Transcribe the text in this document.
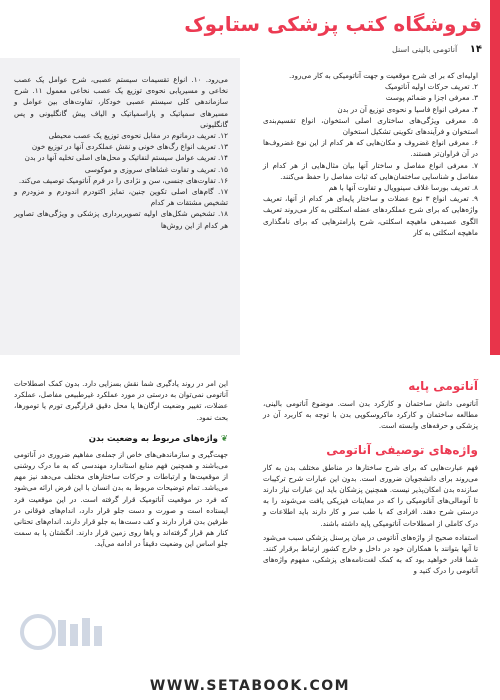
فروشگاه کتب پزشکی ستابوک
۱۴ آناتومی بالینی اسنل
اولیه‌ای که بر ای شرح موقعیت و جهت آناتومیکی به کار می‌رود.
۲. تعریف حرکات اولیه آناتومیک
۳. معرفی اجزا و ضمائم پوست
۴. معرفی انواع فاسیا و نحوه‌ی توزیع آن در بدن
۵. معرفی ویژگی‌های ساختاری اصلی استخوان، انواع تقسیم‌بندی استخوان و فرآیندهای تکوینی تشکیل استخوان
۶. معرفی انواع غضروف و مکان‌هایی که هر کدام از این نوع غضروف‌ها در آن فراوان‌تر هستند.
۷. معرفی انواع مفاصل و ساختار آنها بیان مثال‌هایی از هر کدام از مفاصل و شناسایی ساختمان‌هایی که ثبات مفاصل را حفظ می‌کنند.
۸. تعریف بورسا غلاف سینوویال و تفاوت آنها با هم
۹. تعریف انواع ۳ نوع عضلات و ساختار پایه‌ای هر کدام از آنها، تعریف واژه‌هایی که برای شرح عملکردهای عضله اسکلتی به کار می‌روند تعریف الگوی عصبدهی ماهیچه اسکلتی، شرح پارامترهایی که برای نامگذاری ماهیچه اسکلتی به کار
می‌رود. ۱۰. انواع تقسیمات سیستم عصبی، شرح عوامل یک عصب نخاعی و مسیریابی نحوه‌ی توزیع یک عصب نخاعی معمول ۱۱. شرح سازماندهی کلی سیستم عصبی خودکار، تفاوت‌های بین عوامل و مسیرهای سمپاتیک و پاراسمپاتیک و الیاف پیش گانگلیونی و پس گانگلیونی
۱۲. تعریف درماتوم در مقابل نحوه‌ی توزیع یک عصب محیطی
۱۳. تعریف انواع رگ‌های خونی و نقش عملکردی آنها در توزیع خون
۱۴. تعریف عوامل سیستم لنفاتیک و محل‌های اصلی تخلیه آنها در بدن
۱۵. تعریف و تفاوت غشاهای سروزی و موکوسی
۱۶. تفاوت‌های جنسی، سن و نژادی را در فرم آناتومیک توصیف می‌کند.
۱۷. گام‌های اصلی تکوین جنین، تمایز اکتودرم اندودرم و مزودرم و تشخیص مشتقات هر کدام
۱۸. تشخیص شکل‌های اولیه تصویربرداری پزشکی و ویژگی‌های تصاویر هر کدام از این روش‌ها
آناتومی پایه

آناتومی دانش ساختمان و کارکرد بدن است. موضوع آناتومی بالینی، مطالعه ساختمان و کارکرد ماکروسکوپی بدن با توجه به کاربرد آن در پزشکی و حرفه‌های وابسته است.

واژه‌های توصیفی آناتومی

فهم عبارت‌هایی که برای شرح ساختارها در مناطق مختلف بدن به کار می‌روند برای دانشجویان ضروری است. بدون این عبارات شرح ترکیبات سازنده بدن امکان‌پذیر نیست. همچنین پزشکان باید این عبارات نیاز دارند تا آنومالی‌های آناتومیکی را که در معاینات فیزیکی یافت می‌شوند را به درستی شرح دهند. افرادی که با طب سر و کار دارند باید اطلاعات و درک کاملی از اصطلاحات آناتومیکی پایه داشته باشند.

استفاده صحیح از واژه‌های آناتومی در میان پرسنل پزشکی سبب می‌شود تا آنها بتوانند با همکاران خود در داخل و خارج کشور ارتباط برقرار کنند. شما قادر خواهید بود که به کمک لغت‌نامه‌های پزشکی، مفهوم واژه‌های آناتومی را درک کنید و

این امر در روند یادگیری شما نقش بسزایی دارد. بدون کمک اصطلاحات آناتومی نمی‌توان به درستی در مورد عملکرد غیرطبیعی مفاصل، عملکرد عضلات، تغییر وضعیت ارگان‌ها یا محل دقیق قرارگیری تورم یا تومورها، بحث نمود.

❦ واژه‌های مربوط به وضعیت بدن

جهت‌گیری و سازماندهی‌های خاص از جمله‌ی مفاهیم ضروری در آناتومی می‌باشند و همچنین فهم منابع استاندارد مهندسی که به ما درک روشنی از موقعیت‌ها و ارتباطات و حرکات ساختارهای مختلف می‌دهد نیز مهم می‌باشد. تمام توضیحات مربوط به بدن انسان با این فرض ارائه می‌شود که فرد در موقعیت آناتومیک قرار گرفته است. در این موقعیت فرد ایستاده است و صورت و دست جلو قرار دارد، اندام‌های فوقانی در طرفین بدن قرار دارند و کف دست‌ها به جلو قرار دارند. اندام‌های تحتانی کنار هم قرار گرفته‌اند و پاها روی زمین قرار دارند. انگشتان پا به سمت جلو اساس این وضعیت دقیقاً در ادامه می‌آید.

WWW.SETABOOK.COM
